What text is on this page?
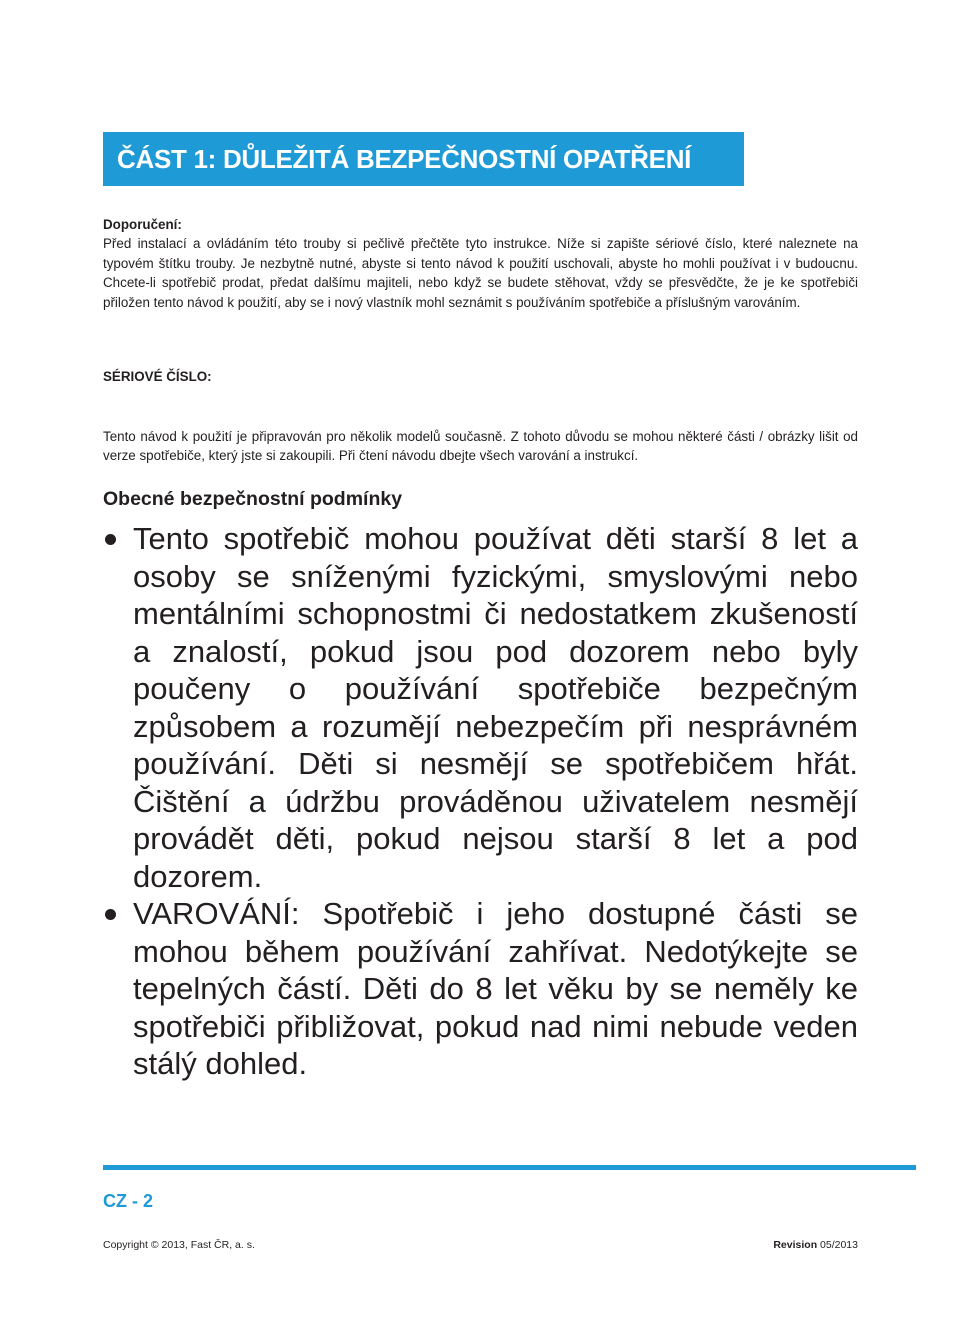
ČÁST 1: DŮLEŽITÁ BEZPEČNOSTNÍ OPATŘENÍ
Doporučení:

Před instalací a ovládáním této trouby si pečlivě přečtěte tyto instrukce. Níže si zapište sériové číslo, které naleznete na typovém štítku trouby. Je nezbytně nutné, abyste si tento návod k použití uschovali, abyste ho mohli používat i v budoucnu. Chcete-li spotřebič prodat, předat dalšímu majiteli, nebo když se budete stěhovat, vždy se přesvědčte, že je ke spotřebiči přiložen tento návod k použití, aby se i nový vlastník mohl seznámit s používáním spotřebiče a příslušným varováním.

SÉRIOVÉ ČÍSLO:

Tento návod k použití je připravován pro několik modelů současně. Z tohoto důvodu se mohou některé části / obrázky lišit od verze spotřebiče, který jste si zakoupili. Při čtení návodu dbejte všech varování a instrukcí.

Obecné bezpečnostní podmínky
Tento spotřebič mohou používat děti starší 8 let a osoby se sníženými fyzickými, smyslovými nebo mentálními schopnostmi či nedostatkem zkušeností a znalostí, pokud jsou pod dozorem nebo byly poučeny o používání spotřebiče bezpečným způsobem a rozumějí nebezpečím při nesprávném používání. Děti si nesmějí se spotřebičem hřát. Čištění a údržbu prováděnou uživatelem nesmějí provádět děti, pokud nejsou starší 8 let a pod dozorem.
VAROVÁNÍ: Spotřebič i jeho dostupné části se mohou během používání zahřívat. Nedotýkejte se tepelných částí. Děti do 8 let věku by se neměly ke spotřebiči přibližovat, pokud nad nimi nebude veden stálý dohled.
CZ - 2
Copyright © 2013, Fast ČR, a. s.	Revision 05/2013
